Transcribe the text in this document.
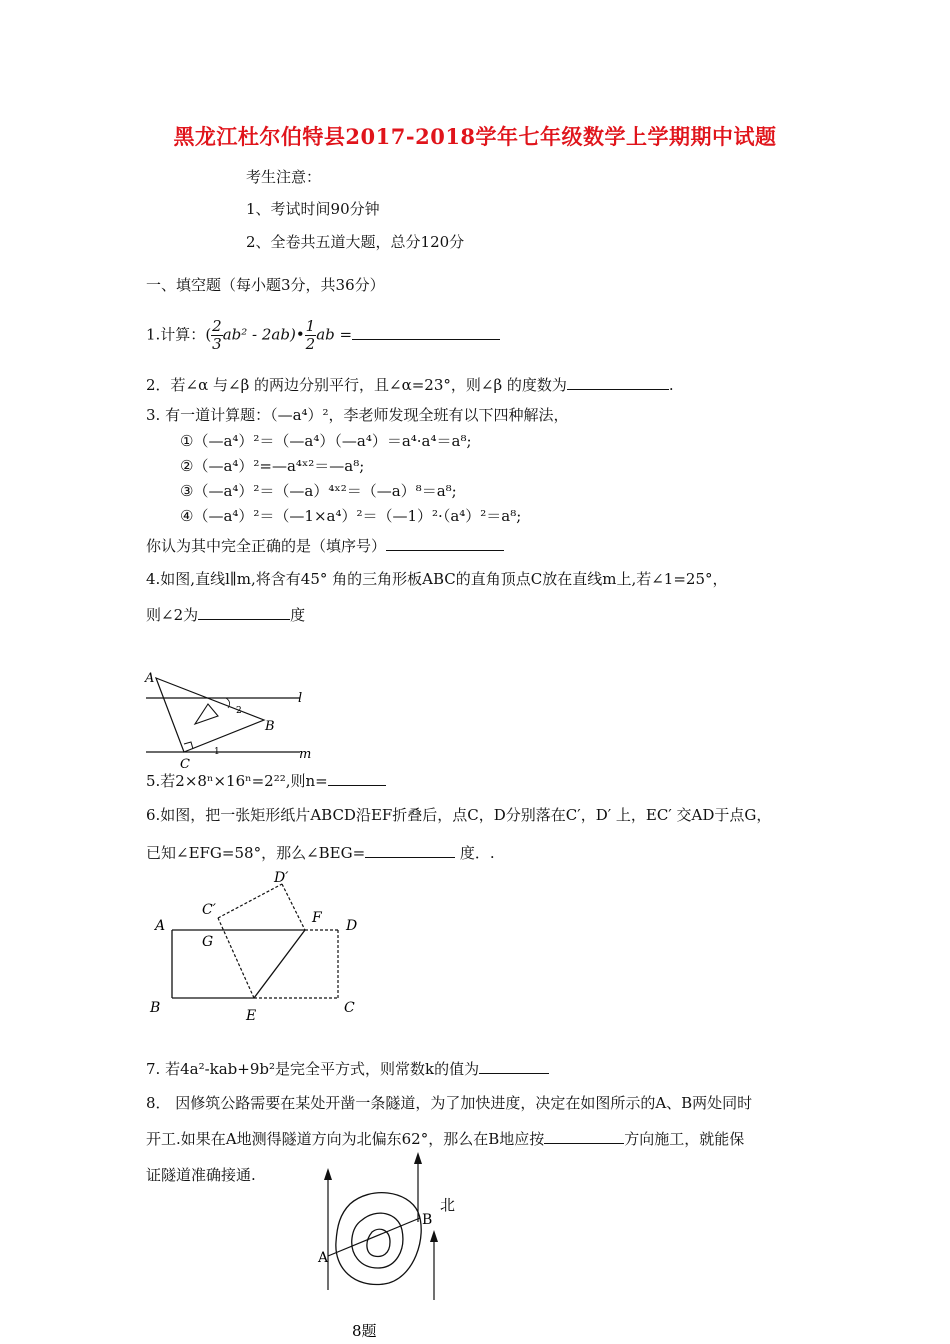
黑龙江杜尔伯特县2017-2018学年七年级数学上学期期中试题
考生注意：
1、考试时间90分钟
2、全卷共五道大题，总分120分
一、填空题（每小题3分，共36分）
1.计算：( $\frac{2}{3} ab^2$ - 2ab)• $\frac{1}{2}$ ab =
2．若∠α 与∠β 的两边分别平行，且∠α=23°，则∠β 的度数为	.
3. 有一道计算题：（—a⁴）²，李老师发现全班有以下四种解法，
①（—a⁴）²＝（—a⁴）（—a⁴）＝a⁴·a⁴＝a⁸;
②（—a⁴）²=—a⁴ˣ²＝—a⁸;
③（—a⁴）²＝（—a）⁴ˣ²＝（—a）⁸＝a⁸;
④（—a⁴）²＝（—1×a⁴）²＝（—1）²·（a⁴）²＝a⁸;
你认为其中完全正确的是（填序号）
4.如图,直线l∥m,将含有45° 角的三角形板ABC的直角顶点C放在直线m上,若∠1=25°，
则∠2为	度
A
B
C
l
m
2
1
5.若2×8ⁿ×16ⁿ=2²²,则n=
6.如图，把一张矩形纸片ABCD沿EF折叠后，点C，D分别落在C′，D′ 上，EC′ 交AD于点G，
已知∠EFG=58°，那么∠BEG=	度．.
A
B	C
D
E
F
G
C′
D′
7. 若4a²-kab+9b²是完全平方式，则常数k的值为
8． 因修筑公路需要在某处开凿一条隧道，为了加快进度，决定在如图所示的A、B两处同时
开工.如果在A地测得隧道方向为北偏东62°，那么在B地应按	方向施工，就能保
证隧道准确接通.
A
B
北
8题
